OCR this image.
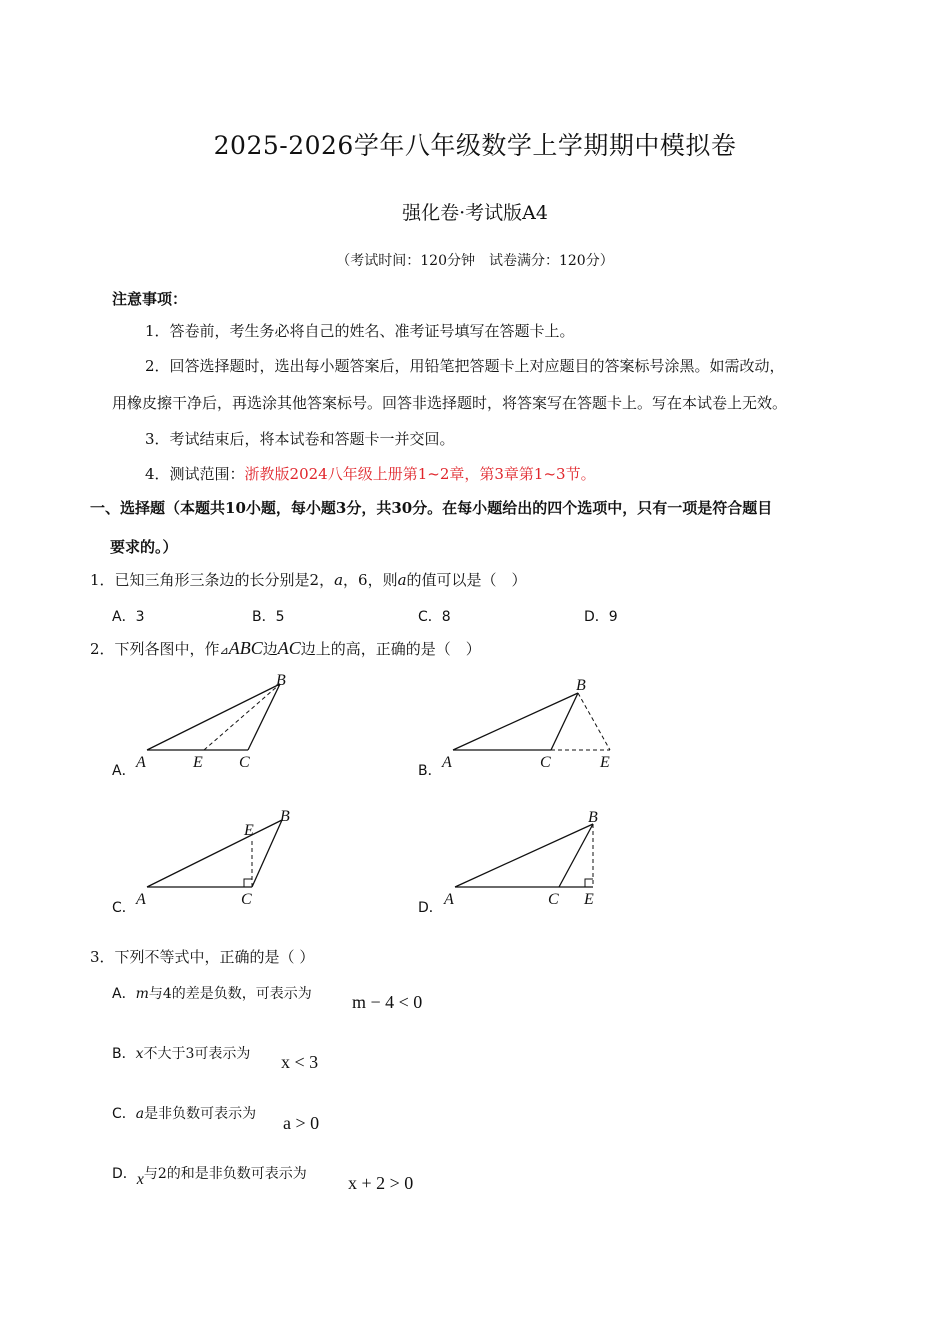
2025-2026学年八年级数学上学期期中模拟卷
强化卷·考试版A4
（考试时间：120分钟　试卷满分：120分）
注意事项：
1．答卷前，考生务必将自己的姓名、准考证号填写在答题卡上。
2．回答选择题时，选出每小题答案后，用铅笔把答题卡上对应题目的答案标号涂黑。如需改动，
用橡皮擦干净后，再选涂其他答案标号。回答非选择题时，将答案写在答题卡上。写在本试卷上无效。
3．考试结束后，将本试卷和答题卡一并交回。
4．测试范围：浙教版2024八年级上册第1~2章，第3章第1~3节。
一、选择题（本题共10小题，每小题3分，共30分。在每小题给出的四个选项中，只有一项是符合题目
要求的。）
1．已知三角形三条边的长分别是2，a，6，则a的值可以是（　）
A．3	B．5	C．8	D．9
2．下列各图中，作⊿ABC边AC边上的高，正确的是（　）
A． A	E C
B
B． A	C	E
B
C． A	C
E
B
D． A	C E
B
3．下列不等式中，正确的是（ ）
A．m与4的差是负数，可表示为 m − 4 < 0
B．x不大于3可表示为 x < 3
C．a是非负数可表示为 a > 0
D．x与2的和是非负数可表示为 x + 2 > 0
